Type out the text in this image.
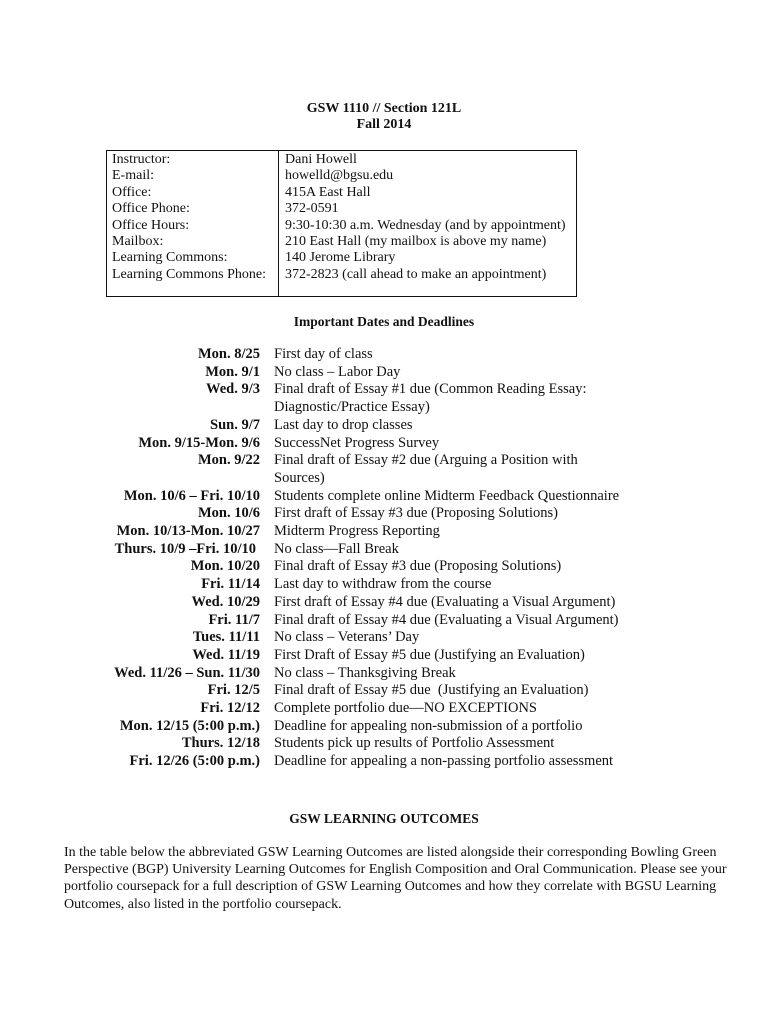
GSW 1110 // Section 121L
Fall 2014
Instructor:	Dani Howell
E-mail:	howelld@bgsu.edu
Office:	415A East Hall
Office Phone:	372-0591
Office Hours:	9:30-10:30 a.m. Wednesday (and by appointment)
Mailbox:	210 East Hall (my mailbox is above my name)
Learning Commons:	140 Jerome Library
Learning Commons Phone: 372-2823 (call ahead to make an appointment)
Important Dates and Deadlines
Mon. 8/25 First day of class
Mon. 9/1 No class – Labor Day
Wed. 9/3 Final draft of Essay #1 due (Common Reading Essay: Diagnostic/Practice Essay)
Sun. 9/7 Last day to drop classes
Mon. 9/15-Mon. 9/6 SuccessNet Progress Survey
Mon. 9/22 Final draft of Essay #2 due (Arguing a Position with Sources)
Mon. 10/6 – Fri. 10/10 Students complete online Midterm Feedback Questionnaire
Mon. 10/6 First draft of Essay #3 due (Proposing Solutions)
Mon. 10/13-Mon. 10/27 Midterm Progress Reporting
Thurs. 10/9 –Fri. 10/10 No class—Fall Break
Mon. 10/20 Final draft of Essay #3 due (Proposing Solutions)
Fri. 11/14 Last day to withdraw from the course
Wed. 10/29 First draft of Essay #4 due (Evaluating a Visual Argument)
Fri. 11/7 Final draft of Essay #4 due (Evaluating a Visual Argument)
Tues. 11/11 No class – Veterans’ Day
Wed. 11/19 First Draft of Essay #5 due (Justifying an Evaluation)
Wed. 11/26 – Sun. 11/30 No class – Thanksgiving Break
Fri. 12/5 Final draft of Essay #5 due  (Justifying an Evaluation)
Fri. 12/12 Complete portfolio due—NO EXCEPTIONS
Mon. 12/15 (5:00 p.m.) Deadline for appealing non-submission of a portfolio
Thurs. 12/18 Students pick up results of Portfolio Assessment
Fri. 12/26 (5:00 p.m.) Deadline for appealing a non-passing portfolio assessment
GSW LEARNING OUTCOMES
In the table below the abbreviated GSW Learning Outcomes are listed alongside their corresponding Bowling Green Perspective (BGP) University Learning Outcomes for English Composition and Oral Communication. Please see your portfolio coursepack for a full description of GSW Learning Outcomes and how they correlate with BGSU Learning Outcomes, also listed in the portfolio coursepack.
